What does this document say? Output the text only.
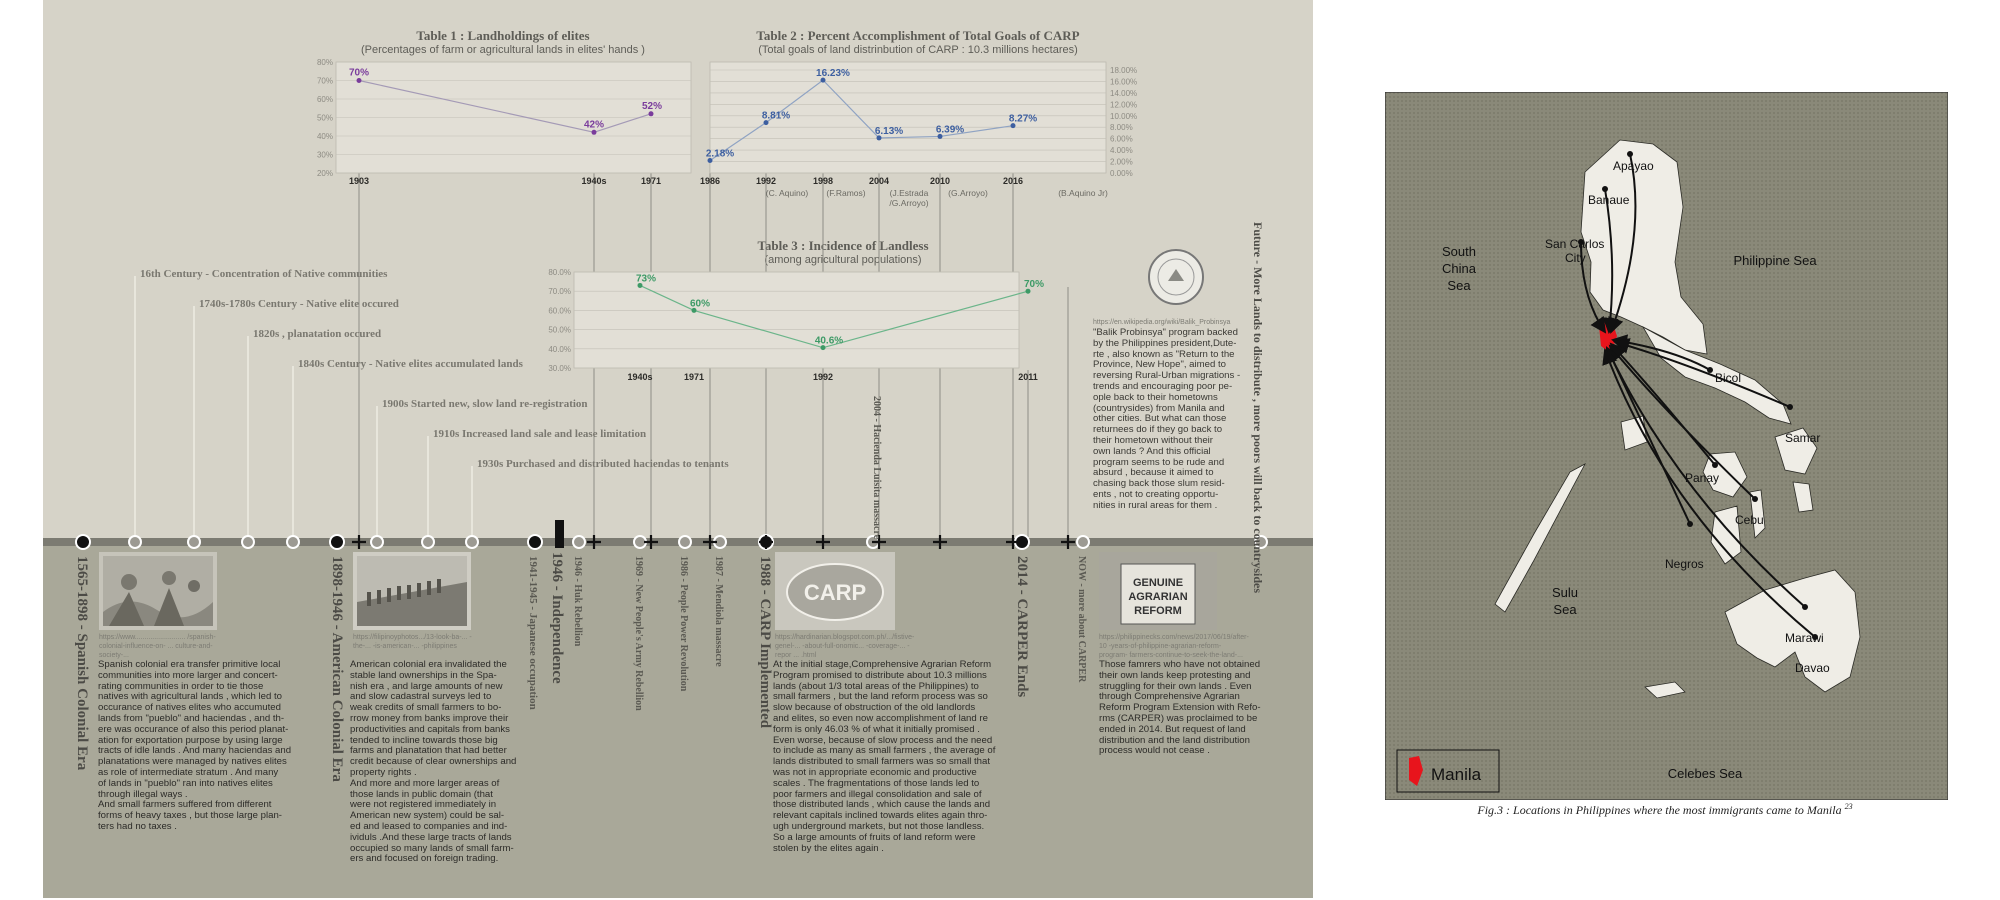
Table 1 : Landholdings of elites
(Percentages of farm or agricultural lands in elites' hands )
Table 2 : Percent Accomplishment of Total Goals of CARP
(Total goals of land distrinbution of CARP : 10.3 millions hectares)
Table 3 : Incidence of Landless
(among agricultural populations)
80%
70%
60%
50%
40%
30%
20%
70%
42%
52%
1903	1940s	1971
18.00%
16.00%
14.00%
12.00%
10.00%
8.00%
6.00%
4.00%
2.00%
0.00%
2.18%
8.81%
16.23%
6.13%	6.39%
8.27%
1986	1992	1998	2004	2010	2016
(C. Aquino) (F.Ramos)	(J.Estrada
/G.Arroyo)
(G.Arroyo)	(B.Aquino Jr)
80.0%
70.0%
60.0%
50.0%
40.0%
30.0%
73%
60%
40.6%
70%
1940s	1971	1992	2011
16th Century - Concentration of Native communities
1740s-1780s Century - Native elite occured
1820s , planatation occured
1840s Century - Native elites accumulated lands
1900s Started new, slow land re-registration
1910s Increased land sale and lease limitation
1930s Purchased and distributed haciendas to tenants	2004 - Hacienda Luisita massacre	Future - More Lands to distribute , more poors will back to countrysides
1565-1898 - Spanish Colonial Era	1898-1946 - American Colonial Era	1941-1945 - Japanese occupation 1946 - Independence 1946 - Huk Rebellion	1969 - New People's Army Rebellion	1986 - People Power Revolution 1987 - Mendiola massacre 1988 - CARP Implemented	2014 - CARPER Ends	NOW - more about CARPER
CARP	GENUINE
AGRARIAN
REFORM
https://www.......................... /spanish-colonial-influence-on- ... culture-and-society-...
https://filipinoyphotos.../13-look-ba-... -the-... -is-american-... -philippines
https://hardinarian.blogspot.com.ph/.../fistive-genel-... -about-full-onomic... -coverage-... -repor ... .html
https://philippinecks.com/news/2017/06/19/after-10 -years-of-philippine-agrarian-reform-program- farmers-continue-to-seek-the-land-...
https://en.wikipedia.org/wiki/Balik_Probinsya
Spanish colonial era transfer primitive local
communities into more larger and concert-
rating communities in order to tie those
natives with agricultural lands , which led to
occurance of natives elites who accumuted
lands from "pueblo" and haciendas , and th-
ere was occurance of also this period planat-
ation for exportation purpose by using large
tracts of idle lands . And many haciendas and
planatations were managed by natives elites
as role of intermediate stratum . And many
of lands in "pueblo" ran into natives elites
through illegal ways .
And small farmers suffered from different
forms of heavy taxes , but those large plan-
ters had no taxes .
American colonial era invalidated the
stable land ownerships in the Spa-
nish era , and large amounts of new
and slow cadastral surveys led to
weak credits of small farmers to bo-
rrow money from banks improve their
productivities and capitals from banks
tended to incline towards those big
farms and planatation that had better
credit because of clear ownerships and
property rights .
And more and more larger areas of
those lands in public domain (that
were not registered immediately in
American new system) could be sal-
ed and leased to companies and ind-
ividuls .And these large tracts of lands
occupied so many lands of small farm-
ers and focused on foreign trading.
At the initial stage,Comprehensive Agrarian Reform
Program promised to distribute about 10.3 millions
lands (about 1/3 total areas of the Philippines) to
small farmers , but the land reform process was so
slow because of obstruction of the old landlords
and elites, so even now accomplishment of land re
form is only 46.03 % of what it initially promised .
Even worse, because of slow process and the need
to include as many as small farmers , the average of
lands distributed to small farmers was so small that
was not in appropriate economic and productive
scales . The fragmentations of those lands led to
poor farmers and illegal consolidation and sale of
those distributed lands , which cause the lands and
relevant capitals inclined towards elites again thro-
ugh underground markets, but not those landless.
So a large amounts of fruits of land reform were
stolen by the elites again .
Those famrers who have not obtained
their own lands keep protesting and
struggling for their own lands . Even
through Comprehensive Agrarian
Reform Program Extension with Refo-
rms (CARPER) was proclaimed to be
ended in 2014. But request of land
distribution and the land distribution
process would not cease .
"Balik Probinsya" program backed
by the Philippines president,Dute-
rte , also known as "Return to the
Province, New Hope", aimed to
reversing Rural-Urban migrations -
trends and encouraging poor pe-
ople back to their hometowns
(countrysides) from Manila and
other cities. But what can those
returnees do if they go back to
their hometown without their
own lands ? And this official
program seems to be rude and
absurd , because it aimed to
chasing back those slum resid-
ents , not to creating opportu-
nities in rural areas for them .
Apayao
Banaue
San Carlos
City
Bicol
Samar
Panay
Cebu
Negros
Marawi
Davao
South
China
Sea
Philippine Sea
Sulu
Sea
Celebes Sea
Manila
Fig.3 : Locations in Philippines where the most immigrants came to Manila $^{23}$
